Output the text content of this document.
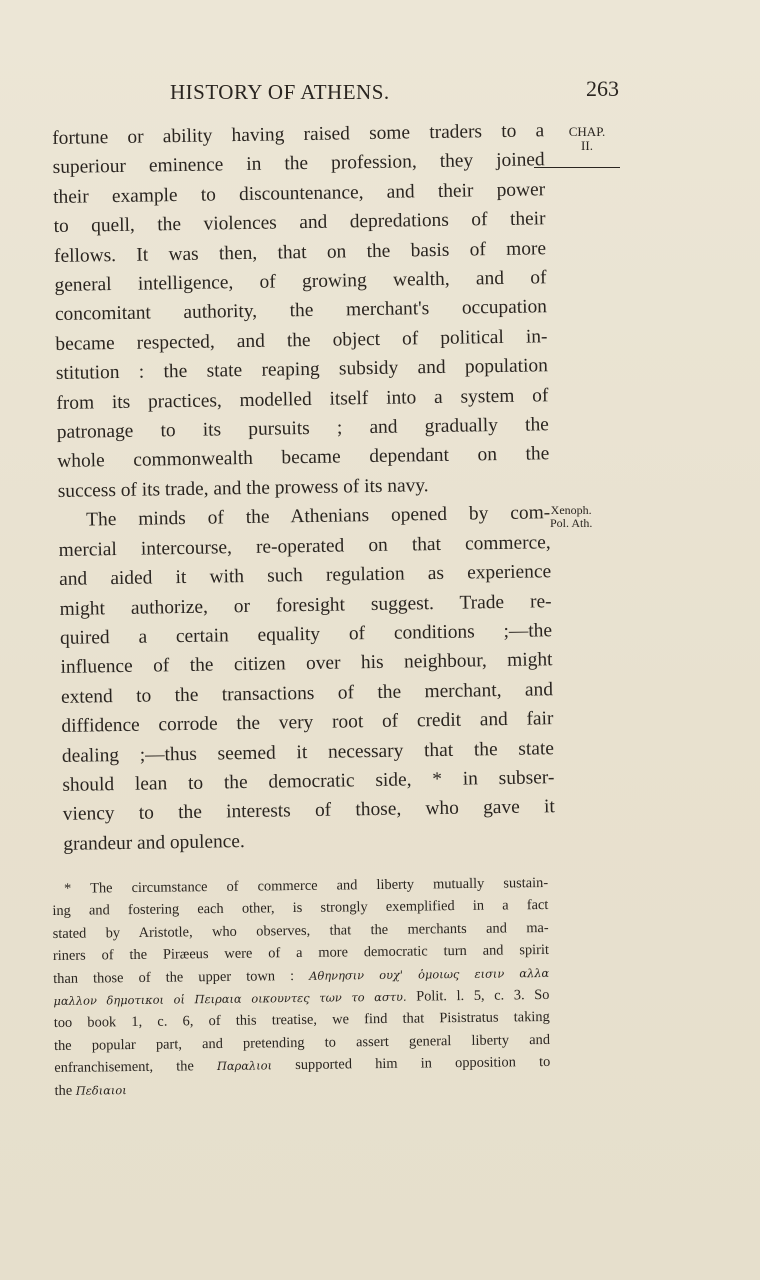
HISTORY OF ATHENS.	263
CHAP.
II.
Xenoph.
Pol. Ath.
fortune or ability having raised some traders to a
superiour eminence in the profession, they joined
their example to discountenance, and their power
to quell, the violences and depredations of their
fellows. It was then, that on the basis of more
general intelligence, of growing wealth, and of
concomitant authority, the merchant's occupation
became respected, and the object of political in-
stitution : the state reaping subsidy and population
from its practices, modelled itself into a system of
patronage to its pursuits ; and gradually the
whole commonwealth became dependant on the
success of its trade, and the prowess of its navy.
The minds of the Athenians opened by com-
mercial intercourse, re-operated on that commerce,
and aided it with such regulation as experience
might authorize, or foresight suggest. Trade re-
quired a certain equality of conditions ;—the
influence of the citizen over his neighbour, might
extend to the transactions of the merchant, and
diffidence corrode the very root of credit and fair
dealing ;—thus seemed it necessary that the state
should lean to the democratic side, * in subser-
viency to the interests of those, who gave it
grandeur and opulence.
* The circumstance of commerce and liberty mutually sustain-
ing and fostering each other, is strongly exemplified in a fact
stated by Aristotle, who observes, that the merchants and ma-
riners of the Piræeus were of a more democratic turn and spirit
than those of the upper town : Αθηνησιν ουχ' ὁμοιως εισιν αλλα
μαλλον δημοτικοι οἱ Πειραια οικουντες των το αστυ. Polit. l. 5, c. 3. So
too book 1, c. 6, of this treatise, we find that Pisistratus taking
the popular part, and pretending to assert general liberty and
enfranchisement, the Παραλιοι supported him in opposition to
the Πεδιαιοι
